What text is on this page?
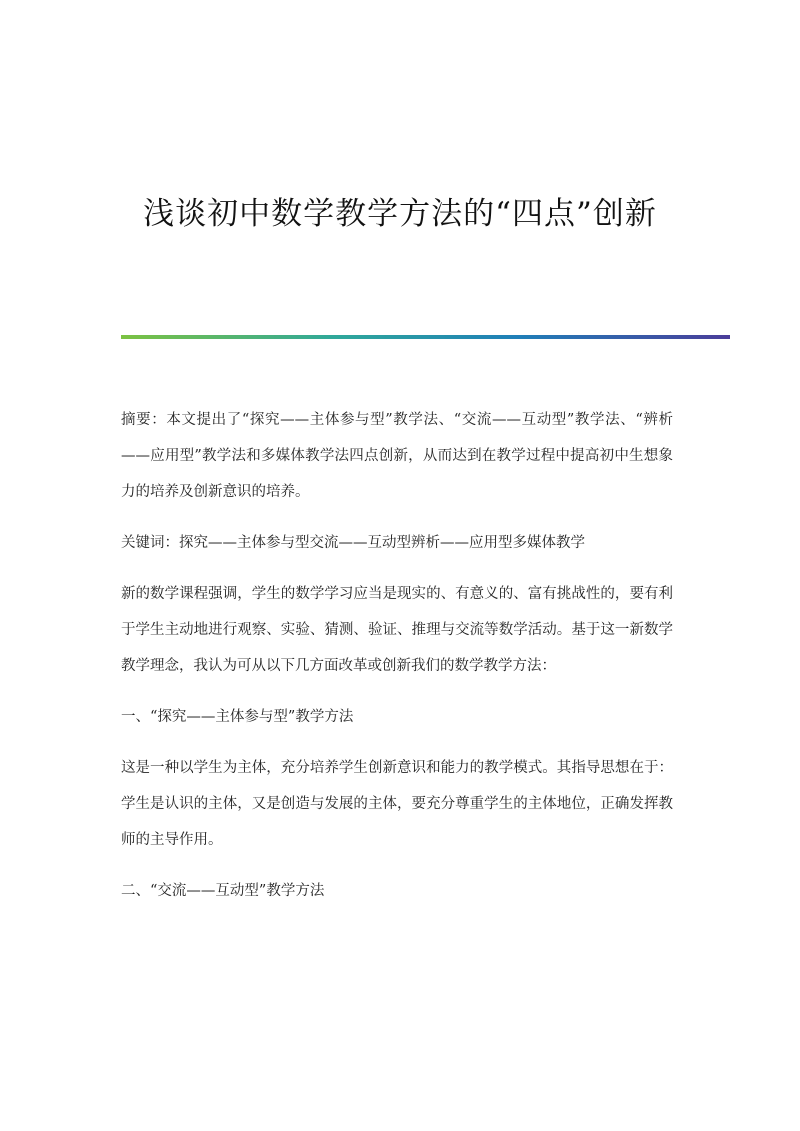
浅谈初中数学教学方法的“四点”创新

摘要：本文提出了“探究——主体参与型”教学法、“交流——互动型”教学法、“辨析——应用型”教学法和多媒体教学法四点创新，从而达到在教学过程中提高初中生想象力的培养及创新意识的培养。

关键词：探究——主体参与型交流——互动型辨析——应用型多媒体教学

新的数学课程强调，学生的数学学习应当是现实的、有意义的、富有挑战性的，要有利于学生主动地进行观察、实验、猜测、验证、推理与交流等数学活动。基于这一新数学教学理念，我认为可从以下几方面改革或创新我们的数学教学方法：

一、“探究——主体参与型”教学方法

这是一种以学生为主体，充分培养学生创新意识和能力的教学模式。其指导思想在于：学生是认识的主体，又是创造与发展的主体，要充分尊重学生的主体地位，正确发挥教师的主导作用。

二、“交流——互动型”教学方法
